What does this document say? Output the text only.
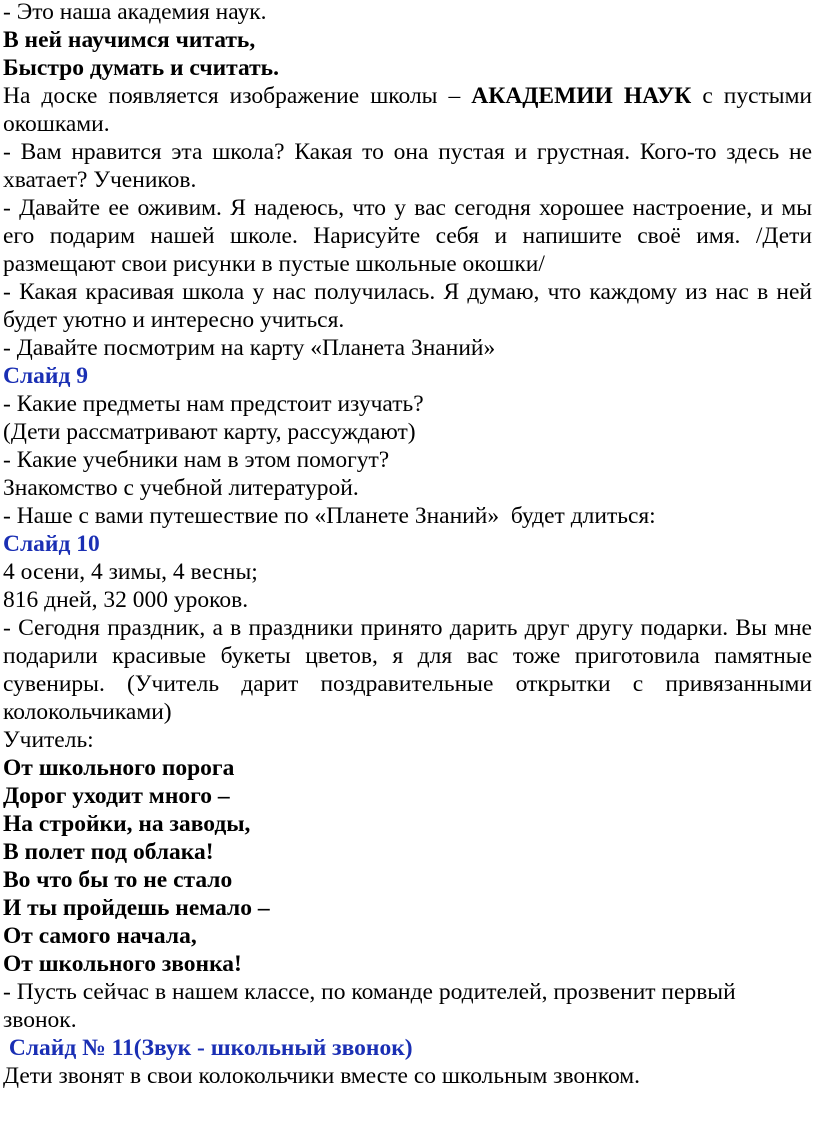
- Это наша академия наук.
В ней научимся читать,
Быстро думать и считать.
На доске появляется изображение школы – АКАДЕМИИ НАУК с пустыми
окошками.
- Вам нравится эта школа? Какая то она пустая и грустная. Кого-то здесь не
хватает? Учеников.
- Давайте ее оживим. Я надеюсь, что у вас сегодня хорошее настроение, и мы
его подарим нашей школе. Нарисуйте себя и напишите своё имя. /Дети
размещают свои рисунки в пустые школьные окошки/
- Какая красивая школа у нас получилась. Я думаю, что каждому из нас в ней
будет уютно и интересно учиться.
- Давайте посмотрим на карту «Планета Знаний»
Слайд 9
- Какие предметы нам предстоит изучать?
(Дети рассматривают карту, рассуждают)
- Какие учебники нам в этом помогут?
Знакомство с учебной литературой.
- Наше с вами путешествие по «Планете Знаний»  будет длиться:
Слайд 10
4 осени, 4 зимы, 4 весны;
816 дней, 32 000 уроков.
- Сегодня праздник, а в праздники принято дарить друг другу подарки. Вы мне
подарили красивые букеты цветов, я для вас тоже приготовила памятные
сувениры. (Учитель дарит поздравительные открытки с привязанными
колокольчиками)
Учитель:
От школьного порога
Дорог уходит много –
На стройки, на заводы,
В полет под облака!
Во что бы то не стало
И ты пройдешь немало –
От самого начала,
От школьного звонка!
- Пусть сейчас в нашем классе, по команде родителей, прозвенит первый
звонок.
Слайд № 11(Звук - школьный звонок)
Дети звонят в свои колокольчики вместе со школьным звонком.
